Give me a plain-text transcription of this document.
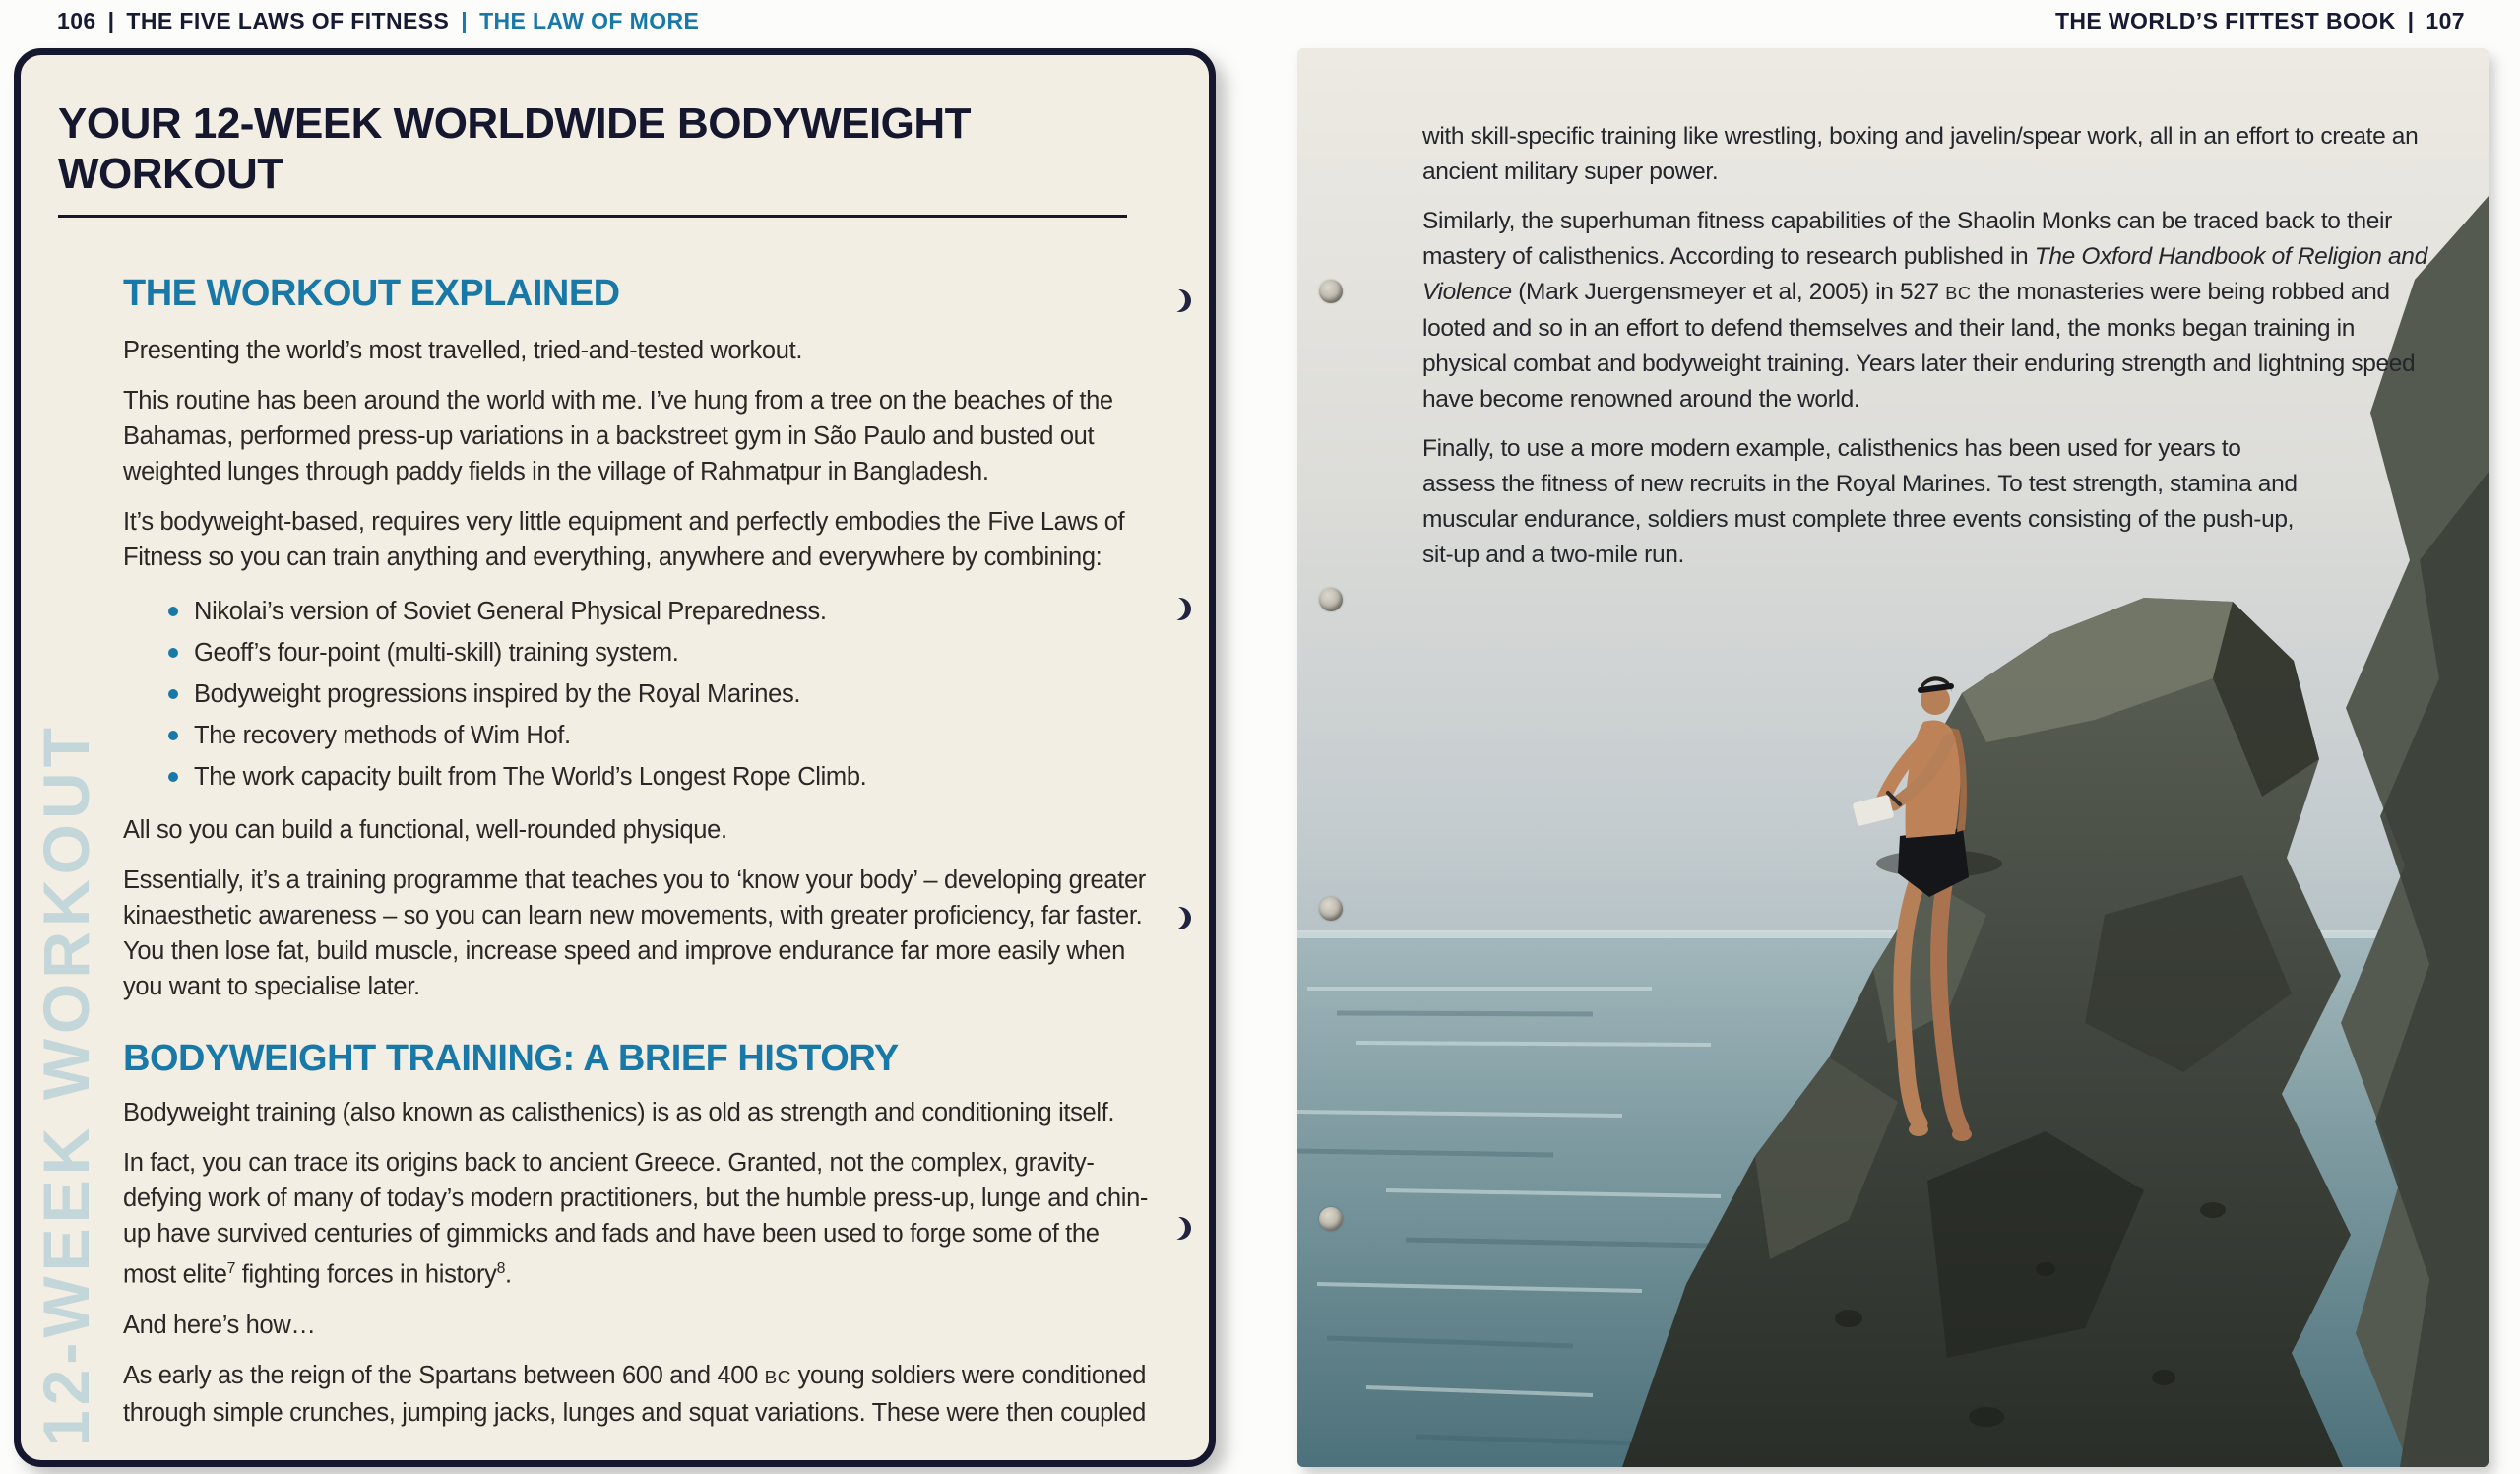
106 | THE FIVE LAWS OF FITNESS | THE LAW OF MORE	THE WORLD’S FITTEST BOOK | 107
YOUR 12-WEEK WORLDWIDE BODYWEIGHT WORKOUT
THE WORKOUT EXPLAINED

Presenting the world’s most travelled, tried-and-tested workout.

This routine has been around the world with me. I’ve hung from a tree on the beaches of the Bahamas, performed press-up variations in a backstreet gym in São Paulo and busted out weighted lunges through paddy fields in the village of Rahmatpur in Bangladesh.

It’s bodyweight-based, requires very little equipment and perfectly embodies the Five Laws of Fitness so you can train anything and everything, anywhere and everywhere by combining:

Nikolai’s version of Soviet General Physical Preparedness.
Geoff’s four-point (multi-skill) training system.
Bodyweight progressions inspired by the Royal Marines.
The recovery methods of Wim Hof.
The work capacity built from The World’s Longest Rope Climb.

All so you can build a functional, well-rounded physique.

Essentially, it’s a training programme that teaches you to ‘know your body’ – developing greater kinaesthetic awareness – so you can learn new movements, with greater proficiency, far faster. You then lose fat, build muscle, increase speed and improve endurance far more easily when you want to specialise later.

BODYWEIGHT TRAINING: A BRIEF HISTORY

Bodyweight training (also known as calisthenics) is as old as strength and conditioning itself.

In fact, you can trace its origins back to ancient Greece. Granted, not the complex, gravity-defying work of many of today’s modern practitioners, but the humble press-up, lunge and chin-up have survived centuries of gimmicks and fads and have been used to forge some of the most elite$^7$ fighting forces in history$^8$.

And here’s how…

As early as the reign of the Spartans between 600 and 400 BC young soldiers were conditioned through simple crunches, jumping jacks, lunges and squat variations. These were then coupled

12-WEEK WORKOUT

with skill-specific training like wrestling, boxing and javelin/spear work, all in an effort to create an ancient military super power.

Similarly, the superhuman fitness capabilities of the Shaolin Monks can be traced back to their mastery of calisthenics. According to research published in The Oxford Handbook of Religion and Violence (Mark Juergensmeyer et al, 2005) in 527 BC the monasteries were being robbed and looted and so in an effort to defend themselves and their land, the monks began training in physical combat and bodyweight training. Years later their enduring strength and lightning speed have become renowned around the world.

Finally, to use a more modern example, calisthenics has been used for years to assess the fitness of new recruits in the Royal Marines. To test strength, stamina and muscular endurance, soldiers must complete three events consisting of the push-up, sit-up and a two-mile run.
